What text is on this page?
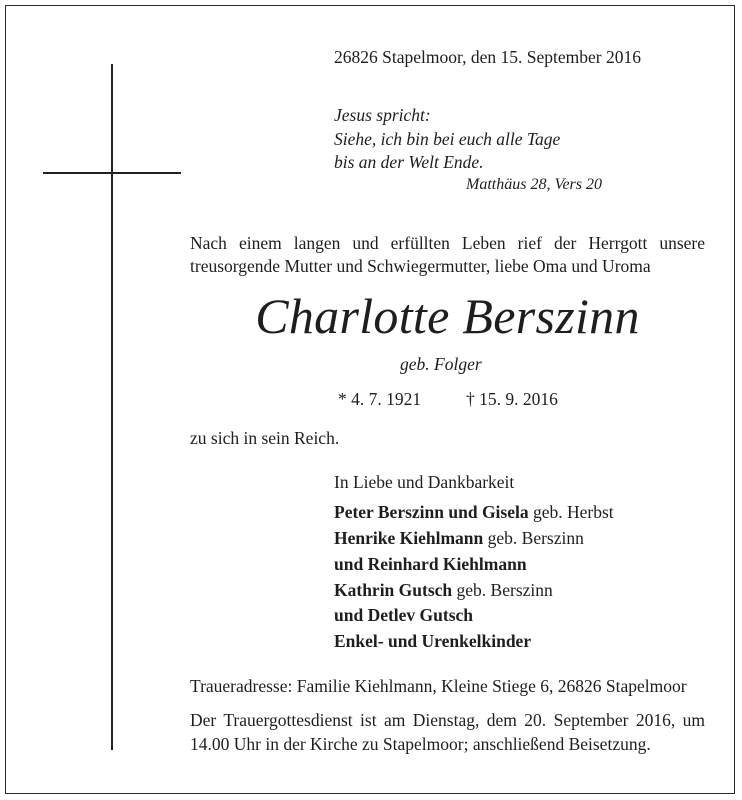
26826 Stapelmoor, den 15. September 2016
Jesus spricht:
Siehe, ich bin bei euch alle Tage
bis an der Welt Ende.
Matthäus 28, Vers 20
Nach einem langen und erfüllten Leben rief der Herrgott unsere
treusorgende Mutter und Schwiegermutter, liebe Oma und Uroma
Charlotte Berszinn
geb. Folger
* 4. 7. 1921	† 15. 9. 2016
zu sich in sein Reich.
In Liebe und Dankbarkeit
Peter Berszinn und Gisela geb. Herbst
Henrike Kiehlmann geb. Berszinn
und Reinhard Kiehlmann
Kathrin Gutsch geb. Berszinn
und Detlev Gutsch
Enkel- und Urenkelkinder
Traueradresse: Familie Kiehlmann, Kleine Stiege 6, 26826 Stapelmoor
Der Trauergottesdienst ist am Dienstag, dem 20. September 2016, um
14.00 Uhr in der Kirche zu Stapelmoor; anschließend Beisetzung.
